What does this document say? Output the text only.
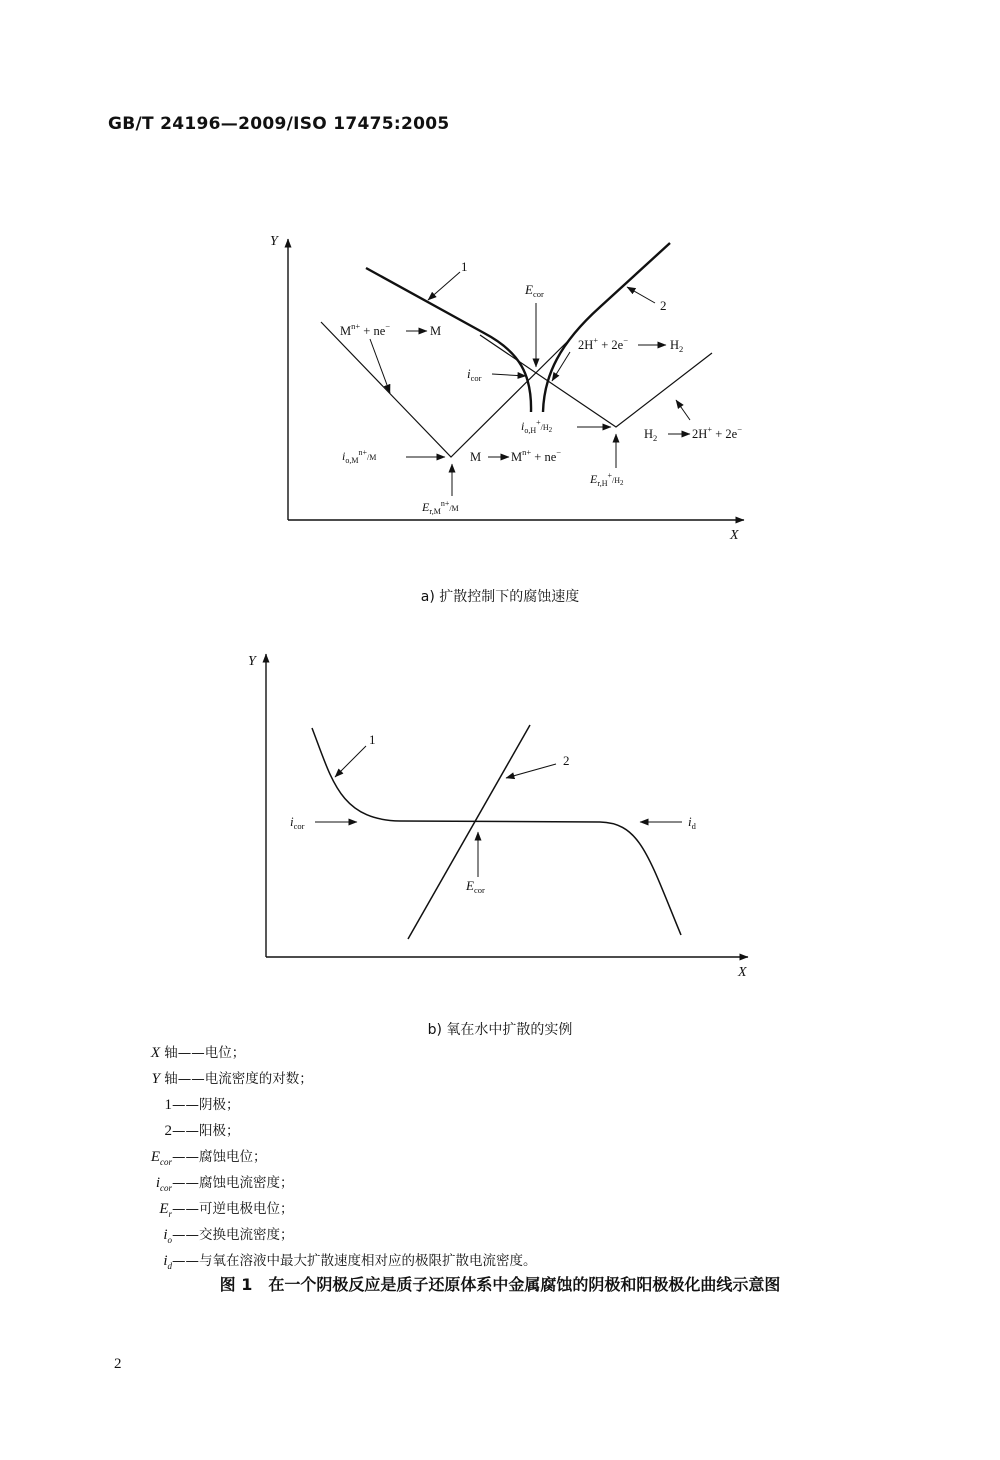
GB/T 24196—2009/ISO 17475:2005
Y
X
1
2
$E_{cor}$
$i_{cor}$
$M^{n+} + ne^-$	M
2H+ + 2e−	$H_2$
$i_{o,H}^+_{/H}2$
$i_{o,M}^{n+}_{/M}$	M $M^{n+} + ne^-$
$E_{r,H}^+_{/H}2$
$H_2$	2H+ + 2e−
$E_{r,M}^{n+}_{/M}$
a) 扩散控制下的腐蚀速度
Y
X
1
2
$i_{cor}$	$i_d$
$E_{cor}$
b) 氧在水中扩散的实例
X 轴——电位；
Y 轴——电流密度的对数；
1——阴极；
2——阳极；
$E_{cor}——$腐蚀电位；
$i_{cor}——$腐蚀电流密度；
$E_r——$可逆电极电位；
$i_o——$交换电流密度；
$i_d——$与氧在溶液中最大扩散速度相对应的极限扩散电流密度。
图 1　在一个阴极反应是质子还原体系中金属腐蚀的阴极和阳极极化曲线示意图
2
